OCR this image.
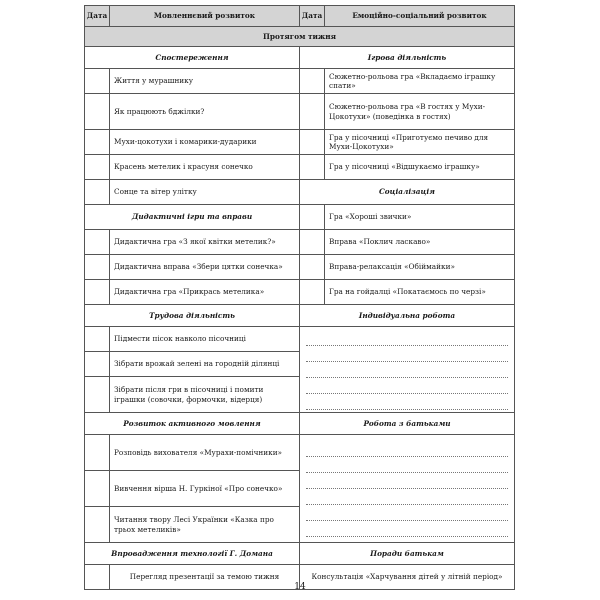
Дата	Мовленнєвий розвиток	Дата	Емоційно-соціальний розвиток
Протягом тижня			
Спостереження		Ігрова діяльність	
	Життя у мурашнику		Сюжетно-рольова гра «Вкладаємо іграшку спати»
	Як працюють бджілки?		Сюжетно-рольова гра «В гостях у Мухи-Цокотухи» (поведінка в гостях)
	Мухи-цокотухи і комарики-дударики		Гра у пісочниці «Приготуємо печиво для Мухи-Цокотухи»
	Красень метелик і красуня сонечко		Гра у пісочниці «Відшукаємо іграшку»
	Сонце та вітер улітку	Соціалізація	
Дидактичні ігри та вправи			Гра «Хороші звички»
	Дидактична гра «З якої квітки метелик?»		Вправа «Поклич ласкаво»
	Дидактична вправа «Збери цятки сонечка»		Вправа-релаксація «Обіймайки»
	Дидактична гра «Прикрась метелика»		Гра на гойдалці «Покатаємось по черзі»
Трудова діяльність		Індивідуальна робота	
	Підмести пісок навколо пісочниці		

	Зібрати врожай зелені на городній ділянці		
	Зібрати після гри в пісочниці і помити іграшки (совочки, формочки, відерця)		
Розвиток активного мовлення		Робота з батьками	
	Розповідь вихователя «Мурахи-помічники»		

	Вивчення вірша Н. Гуркіної «Про сонечко»		
	Читання твору Лесі Українки «Казка про трьох метеликів»		
Впровадження технології Г. Домана		Поради батькам	
	Перегляд презентації за темою тижня	Консультація «Харчування дітей у літній період»	
14
